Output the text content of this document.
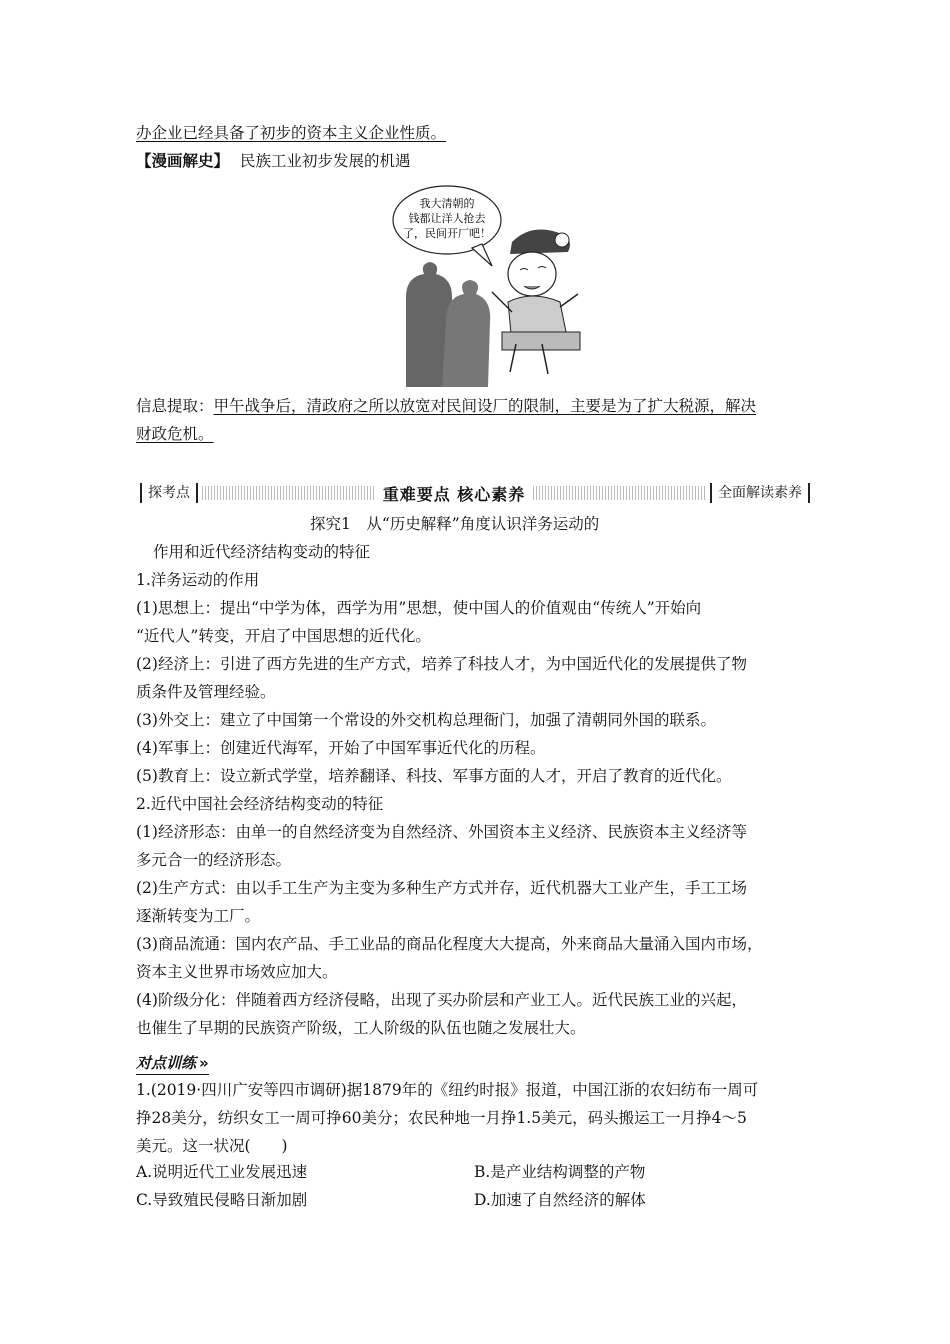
办企业已经具备了初步的资本主义企业性质。
【漫画解史】 民族工业初步发展的机遇
我大清朝的
钱都让洋人抢去
了，民间开厂吧！
信息提取：甲午战争后，清政府之所以放宽对民间设厂的限制，主要是为了扩大税源，解决
财政危机。
探考点	重难要点 核心素养	全面解读素养
探究1　从“历史解释”角度认识洋务运动的
作用和近代经济结构变动的特征
1.洋务运动的作用
(1)思想上：提出“中学为体，西学为用”思想，使中国人的价值观由“传统人”开始向
“近代人”转变，开启了中国思想的近代化。
(2)经济上：引进了西方先进的生产方式，培养了科技人才，为中国近代化的发展提供了物
质条件及管理经验。
(3)外交上：建立了中国第一个常设的外交机构总理衙门，加强了清朝同外国的联系。
(4)军事上：创建近代海军，开始了中国军事近代化的历程。
(5)教育上：设立新式学堂，培养翻译、科技、军事方面的人才，开启了教育的近代化。
2.近代中国社会经济结构变动的特征
(1)经济形态：由单一的自然经济变为自然经济、外国资本主义经济、民族资本主义经济等
多元合一的经济形态。
(2)生产方式：由以手工生产为主变为多种生产方式并存，近代机器大工业产生，手工工场
逐渐转变为工厂。
(3)商品流通：国内农产品、手工业品的商品化程度大大提高，外来商品大量涌入国内市场，
资本主义世界市场效应加大。
(4)阶级分化：伴随着西方经济侵略，出现了买办阶层和产业工人。近代民族工业的兴起，
也催生了早期的民族资产阶级，工人阶级的队伍也随之发展壮大。
对点训练 »
1.(2019·四川广安等四市调研)据1879年的《纽约时报》报道，中国江浙的农妇纺布一周可
挣28美分，纺织女工一周可挣60美分；农民种地一月挣1.5美元，码头搬运工一月挣4～5
美元。这一状况(　　)
A.说明近代工业发展迅速	B.是产业结构调整的产物
C.导致殖民侵略日渐加剧	D.加速了自然经济的解体
